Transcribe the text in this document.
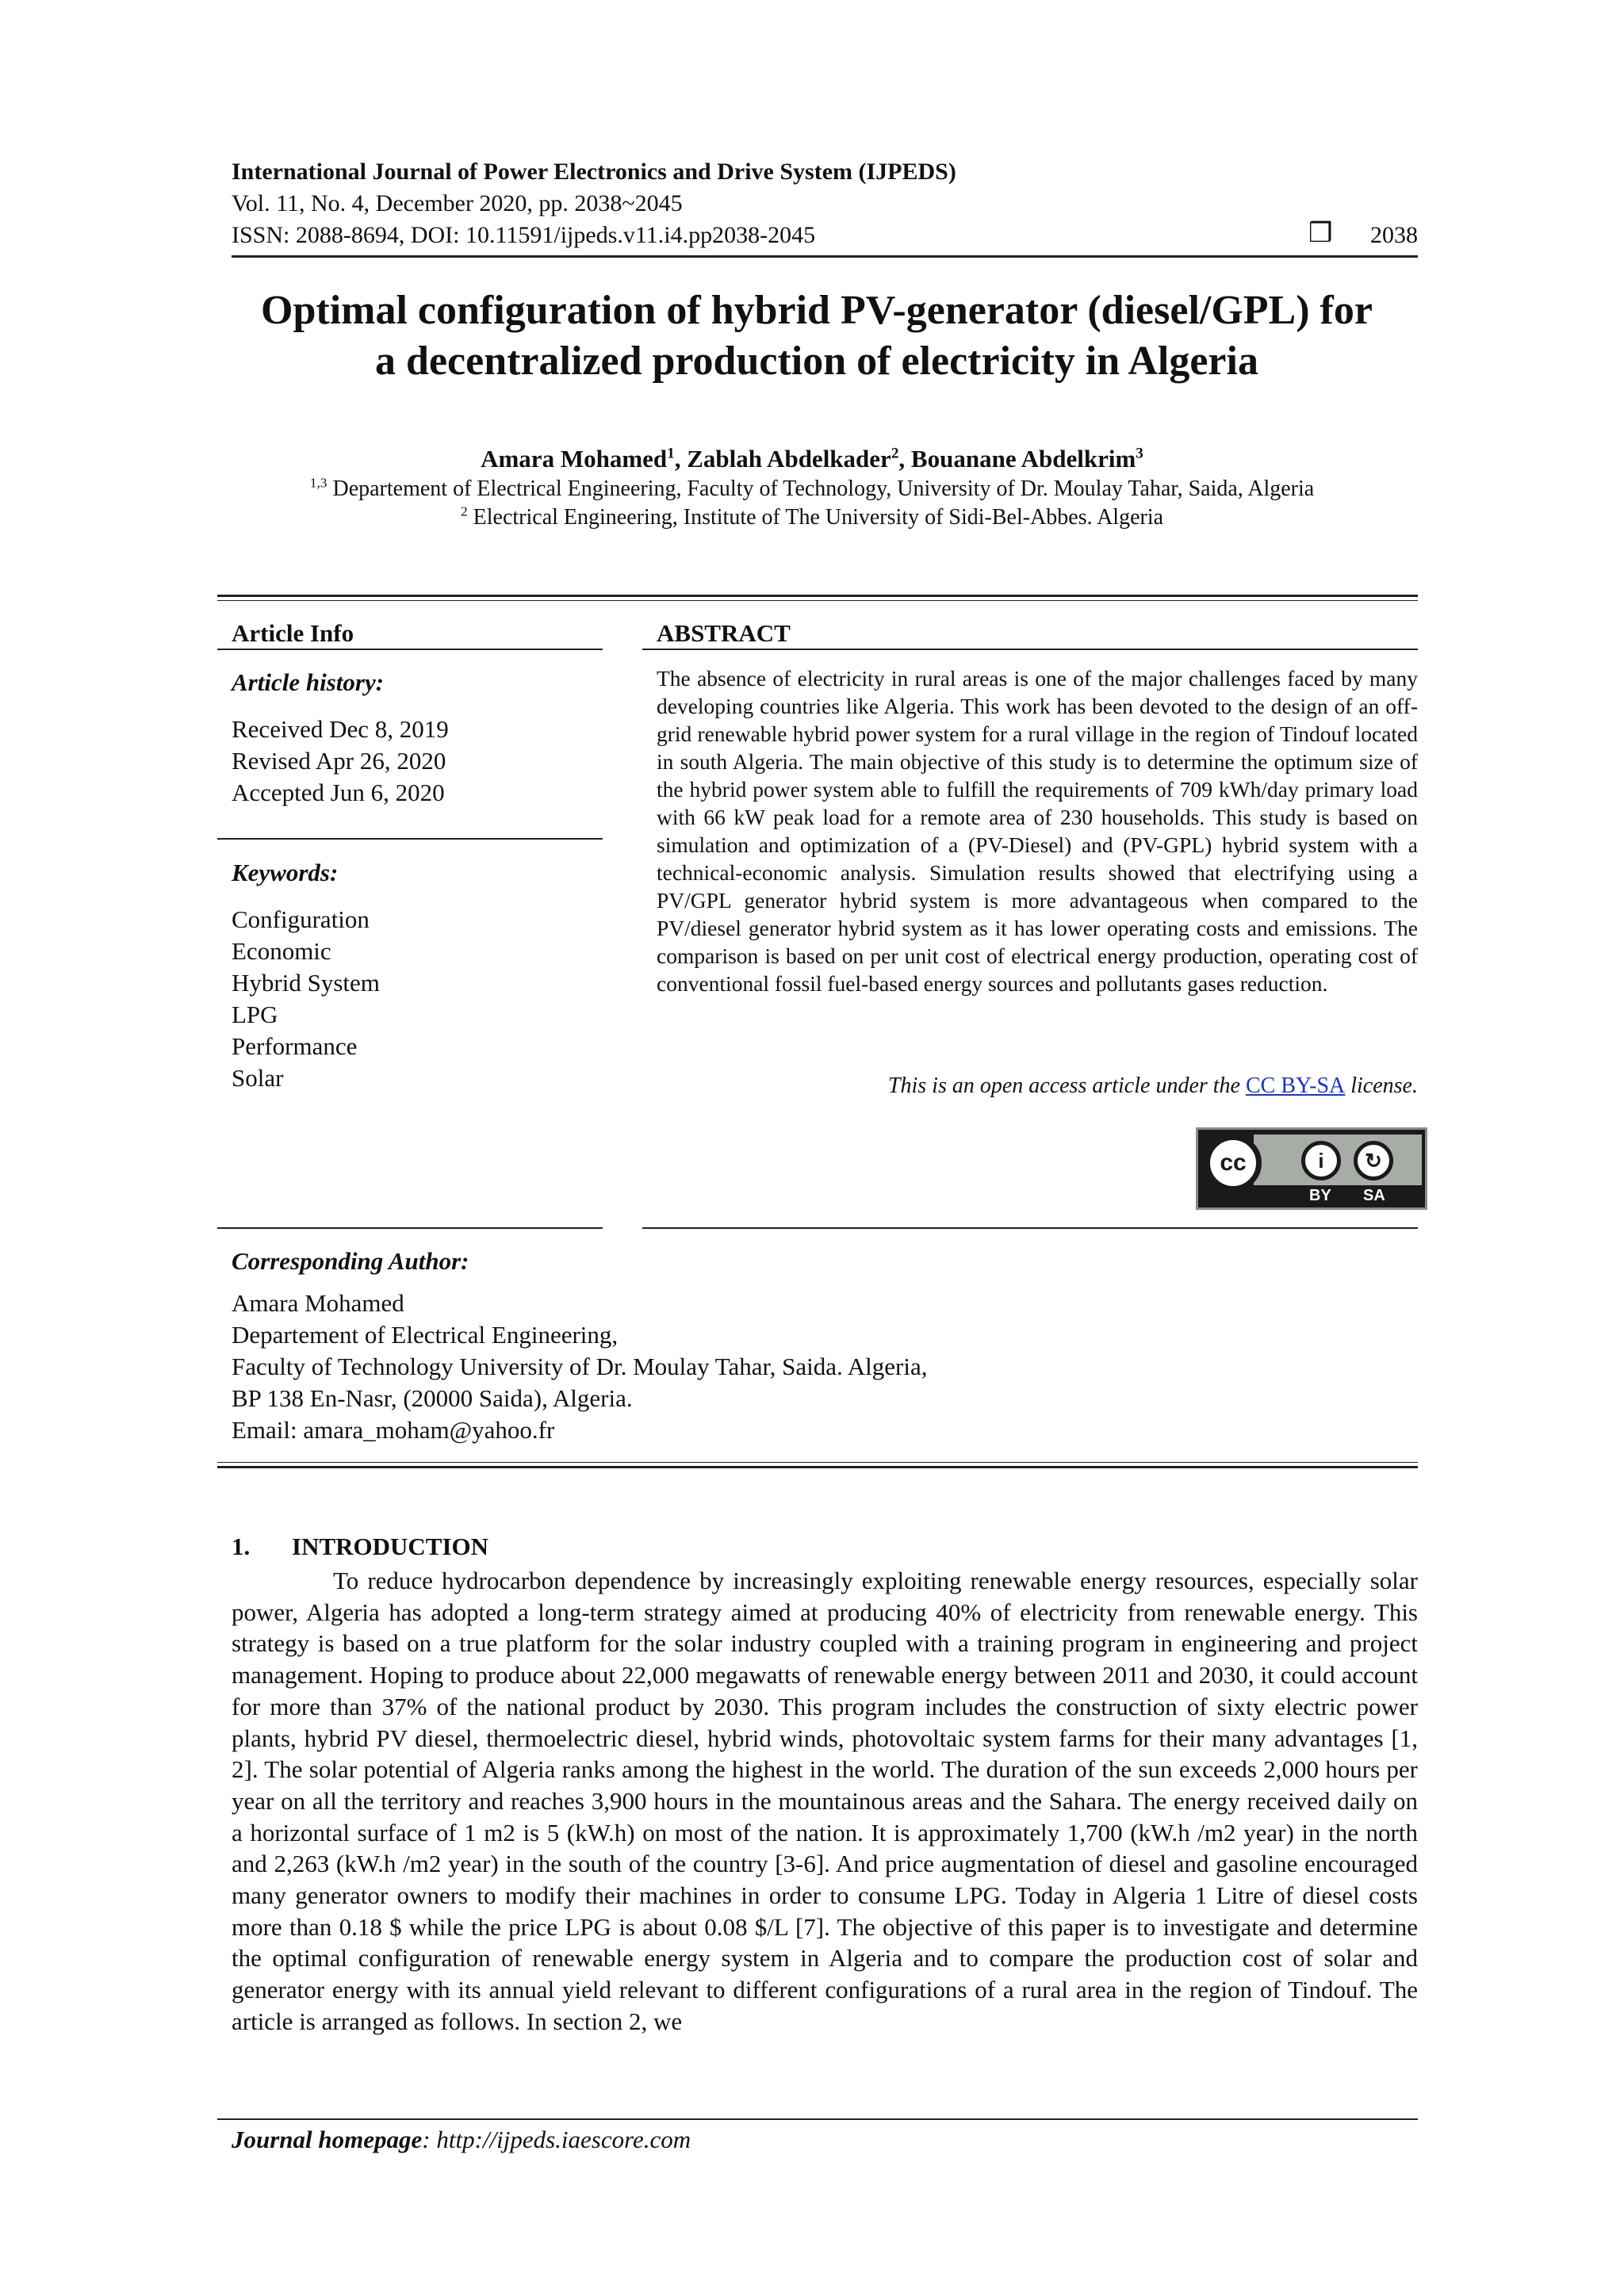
International Journal of Power Electronics and Drive System (IJPEDS)
Vol. 11, No. 4, December 2020, pp. 2038~2045
ISSN: 2088-8694, DOI: 10.11591/ijpeds.v11.i4.pp2038-2045	❒ 2038
Optimal configuration of hybrid PV-generator (diesel/GPL) for
a decentralized production of electricity in Algeria
Amara Mohamed$^1$, Zablah Abdelkader$^2$, Bouanane Abdelkrim$^3$
$^{1,3}$ Departement of Electrical Engineering, Faculty of Technology, University of Dr. Moulay Tahar, Saida, Algeria
$^2$ Electrical Engineering, Institute of The University of Sidi-Bel-Abbes. Algeria
Article Info
Article history:
Received Dec 8, 2019
Revised Apr 26, 2020
Accepted Jun 6, 2020
Keywords:
Configuration
Economic
Hybrid System
LPG
Performance
Solar
ABSTRACT
The absence of electricity in rural areas is one of the major challenges faced by many developing countries like Algeria. This work has been devoted to the design of an off-grid renewable hybrid power system for a rural village in the region of Tindouf located in south Algeria. The main objective of this study is to determine the optimum size of the hybrid power system able to fulfill the requirements of 709 kWh/day primary load with 66 kW peak load for a remote area of 230 households. This study is based on simulation and optimization of a (PV-Diesel) and (PV-GPL) hybrid system with a technical-economic analysis. Simulation results showed that electrifying using a PV/GPL generator hybrid system is more advantageous when compared to the PV/diesel generator hybrid system as it has lower operating costs and emissions. The comparison is based on per unit cost of electrical energy production, operating cost of conventional fossil fuel-based energy sources and pollutants gases reduction.
This is an open access article under the CC BY-SA license.
cc	i	↻
BY SA
Corresponding Author:
Amara Mohamed
Departement of Electrical Engineering,
Faculty of Technology University of Dr. Moulay Tahar, Saida. Algeria,
BP 138 En-Nasr, (20000 Saida), Algeria.
Email: amara_moham@yahoo.fr
1. INTRODUCTION
To reduce hydrocarbon dependence by increasingly exploiting renewable energy resources, especially solar power, Algeria has adopted a long-term strategy aimed at producing 40% of electricity from renewable energy. This strategy is based on a true platform for the solar industry coupled with a training program in engineering and project management. Hoping to produce about 22,000 megawatts of renewable energy between 2011 and 2030, it could account for more than 37% of the national product by 2030. This program includes the construction of sixty electric power plants, hybrid PV diesel, thermoelectric diesel, hybrid winds, photovoltaic system farms for their many advantages [1, 2]. The solar potential of Algeria ranks among the highest in the world. The duration of the sun exceeds 2,000 hours per year on all the territory and reaches 3,900 hours in the mountainous areas and the Sahara. The energy received daily on a horizontal surface of 1 m2 is 5 (kW.h) on most of the nation. It is approximately 1,700 (kW.h /m2 year) in the north and 2,263 (kW.h /m2 year) in the south of the country [3-6]. And price augmentation of diesel and gasoline encouraged many generator owners to modify their machines in order to consume LPG. Today in Algeria 1 Litre of diesel costs more than 0.18 $ while the price LPG is about 0.08 $/L [7]. The objective of this paper is to investigate and determine the optimal configuration of renewable energy system in Algeria and to compare the production cost of solar and generator energy with its annual yield relevant to different configurations of a rural area in the region of Tindouf. The article is arranged as follows. In section 2, we
Journal homepage: http://ijpeds.iaescore.com
